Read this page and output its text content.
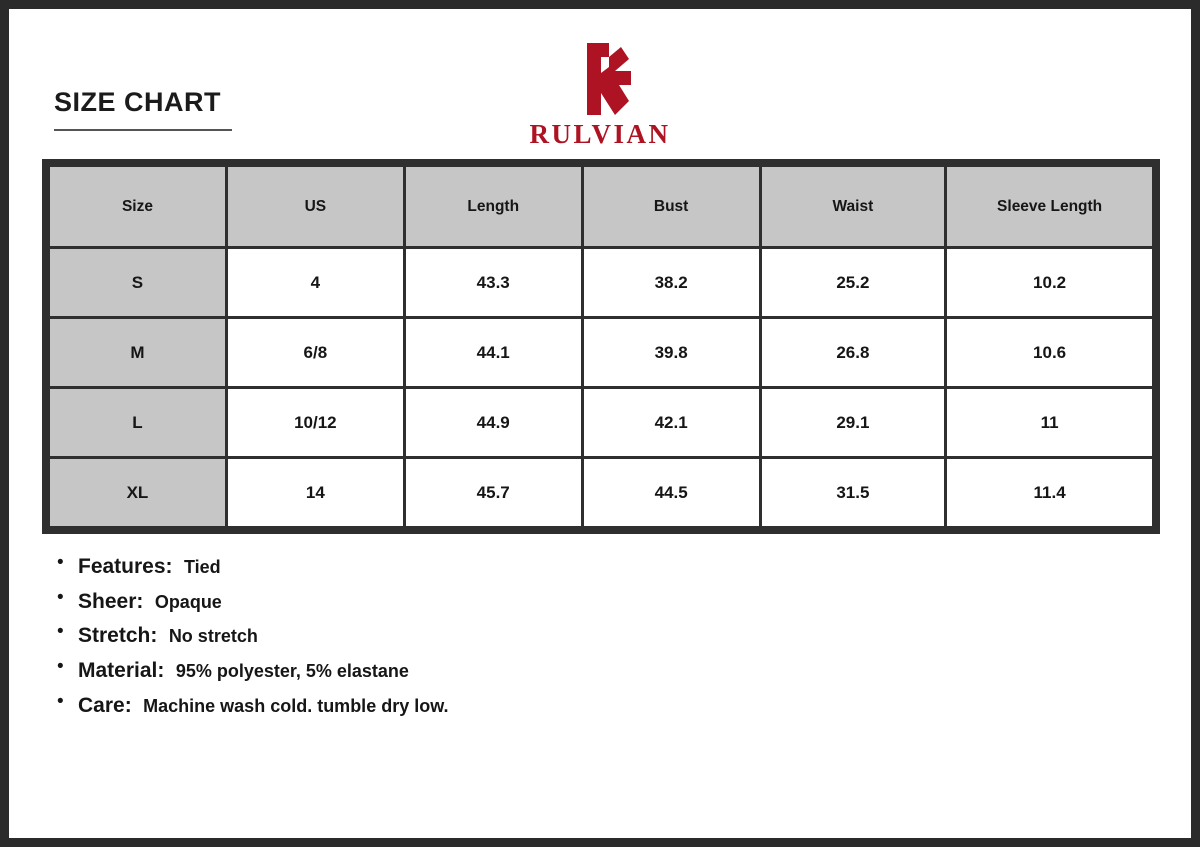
SIZE CHART
RULVIAN
Size	US	Length	Bust	Waist	Sleeve Length
S	4	43.3	38.2	25.2	10.2
M	6/8	44.1	39.8	26.8	10.6
L	10/12	44.9	42.1	29.1	11
XL	14	45.7	44.5	31.5	11.4
• Features: Tied
• Sheer: Opaque
• Stretch: No stretch
• Material: 95% polyester, 5% elastane
• Care: Machine wash cold. tumble dry low.
